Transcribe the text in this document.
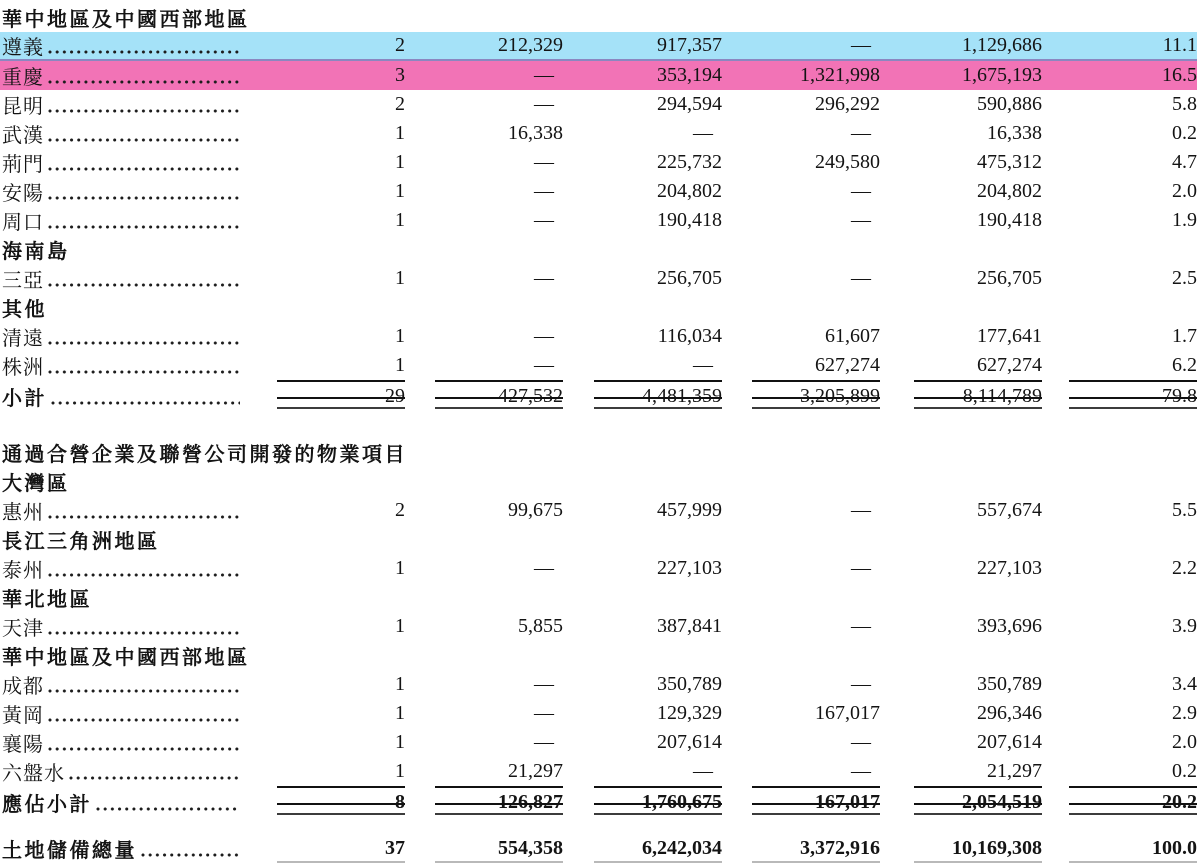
華中地區及中國西部地區
遵義	2	212,329	917,357	—	1,129,686	11.1
重慶	3	—	353,194	1,321,998	1,675,193	16.5
昆明	2	—	294,594	296,292	590,886	5.8
武漢	1	16,338	—	—	16,338	0.2
荊門	1	—	225,732	249,580	475,312	4.7
安陽	1	—	204,802	—	204,802	2.0
周口	1	—	190,418	—	190,418	1.9
海南島
三亞	1	—	256,705	—	256,705	2.5
其他
清遠	1	—	116,034	61,607	177,641	1.7
株洲	1	—	—	627,274	627,274	6.2
小計	29	427,532	4,481,359	3,205,899	8,114,789	79.8
通過合營企業及聯營公司開發的物業項目
大灣區
惠州	2	99,675	457,999	—	557,674	5.5
長江三角洲地區
泰州	1	—	227,103	—	227,103	2.2
華北地區
天津	1	5,855	387,841	—	393,696	3.9
華中地區及中國西部地區
成都	1	—	350,789	—	350,789	3.4
黃岡	1	—	129,329	167,017	296,346	2.9
襄陽	1	—	207,614	—	207,614	2.0
六盤水	1	21,297	—	—	21,297	0.2
應佔小計	8	126,827	1,760,675	167,017	2,054,519	20.2
土地儲備總量	37	554,358	6,242,034	3,372,916	10,169,308	100.0
